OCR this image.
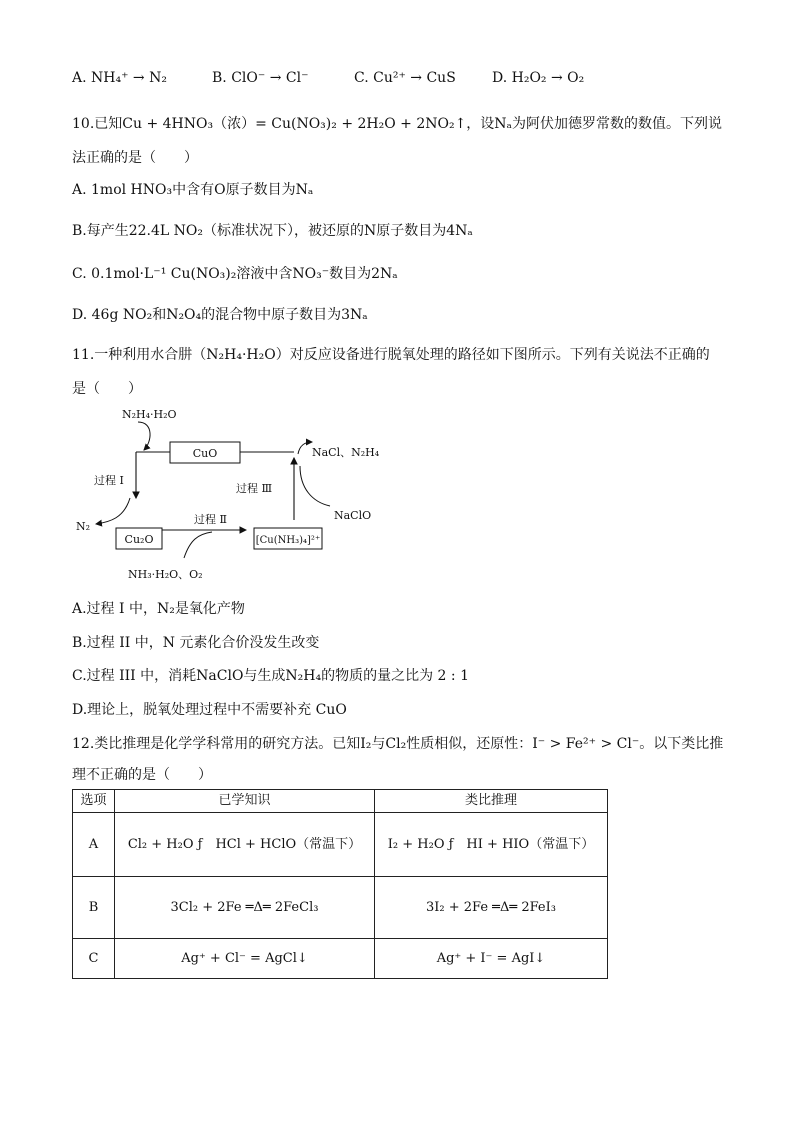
A. NH₄⁺ → N₂	B. ClO⁻ → Cl⁻	C. Cu²⁺ → CuS	D. H₂O₂ → O₂
10.已知Cu + 4HNO₃（浓）= Cu(NO₃)₂ + 2H₂O + 2NO₂↑，设Nₐ为阿伏加德罗常数的数值。下列说
法正确的是（　　）
A. 1mol HNO₃中含有O原子数目为Nₐ
B.每产生22.4L NO₂（标准状况下），被还原的N原子数目为4Nₐ
C. 0.1mol·L⁻¹ Cu(NO₃)₂溶液中含NO₃⁻数目为2Nₐ
D. 46g NO₂和N₂O₄的混合物中原子数目为3Nₐ
11.一种利用水合肼（N₂H₄·H₂O）对反应设备进行脱氧处理的路径如下图所示。下列有关说法不正确的
是（　　）
CuO
Cu₂O	[Cu(NH₃)₄]²⁺
N₂H₄·H₂O
NaCl、N₂H₄
过程 Ⅰ
过程 Ⅲ
NaClO
N₂
过程 Ⅱ
NH₃·H₂O、O₂
A.过程 I 中，N₂是氧化产物
B.过程 II 中，N 元素化合价没发生改变
C.过程 III 中，消耗NaClO与生成N₂H₄的物质的量之比为 2 : 1
D.理论上，脱氧处理过程中不需要补充 CuO
12.类比推理是化学学科常用的研究方法。已知I₂与Cl₂性质相似，还原性：I⁻ > Fe²⁺ > Cl⁻。以下类比推
理不正确的是（　　）
选项	已学知识	类比推理
A	Cl₂ + H₂O ƒ　HCl + HClO（常温下）	I₂ + H₂O ƒ　HI + HIO（常温下）
B	3Cl₂ + 2Fe ═Δ═ 2FeCl₃	3I₂ + 2Fe ═Δ═ 2FeI₃
C	Ag⁺ + Cl⁻ = AgCl↓	Ag⁺ + I⁻ = AgI↓
